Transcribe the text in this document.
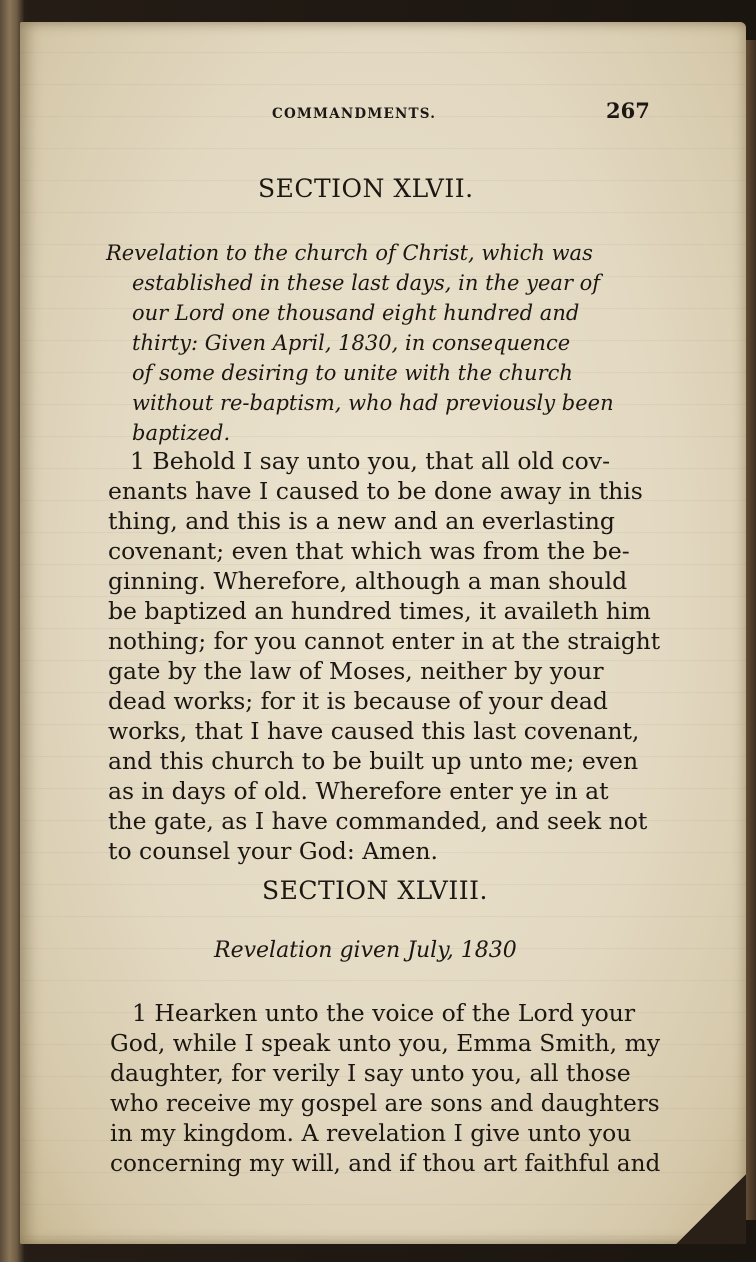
COMMANDMENTS.	267
SECTION XLVII.
Revelation to the church of Christ, which was
established in these last days, in the year of
our Lord one thousand eight hundred and
thirty: Given April, 1830, in consequence
of some desiring to unite with the church
without re-baptism, who had previously been
baptized.
1 Behold I say unto you, that all old cov-
enants have I caused to be done away in this
thing, and this is a new and an everlasting
covenant; even that which was from the be-
ginning. Wherefore, although a man should
be baptized an hundred times, it availeth him
nothing; for you cannot enter in at the straight
gate by the law of Moses, neither by your
dead works; for it is because of your dead
works, that I have caused this last covenant,
and this church to be built up unto me; even
as in days of old. Wherefore enter ye in at
the gate, as I have commanded, and seek not
to counsel your God: Amen.
SECTION XLVIII.
Revelation given July, 1830
1 Hearken unto the voice of the Lord your
God, while I speak unto you, Emma Smith, my
daughter, for verily I say unto you, all those
who receive my gospel are sons and daughters
in my kingdom. A revelation I give unto you
concerning my will, and if thou art faithful and
